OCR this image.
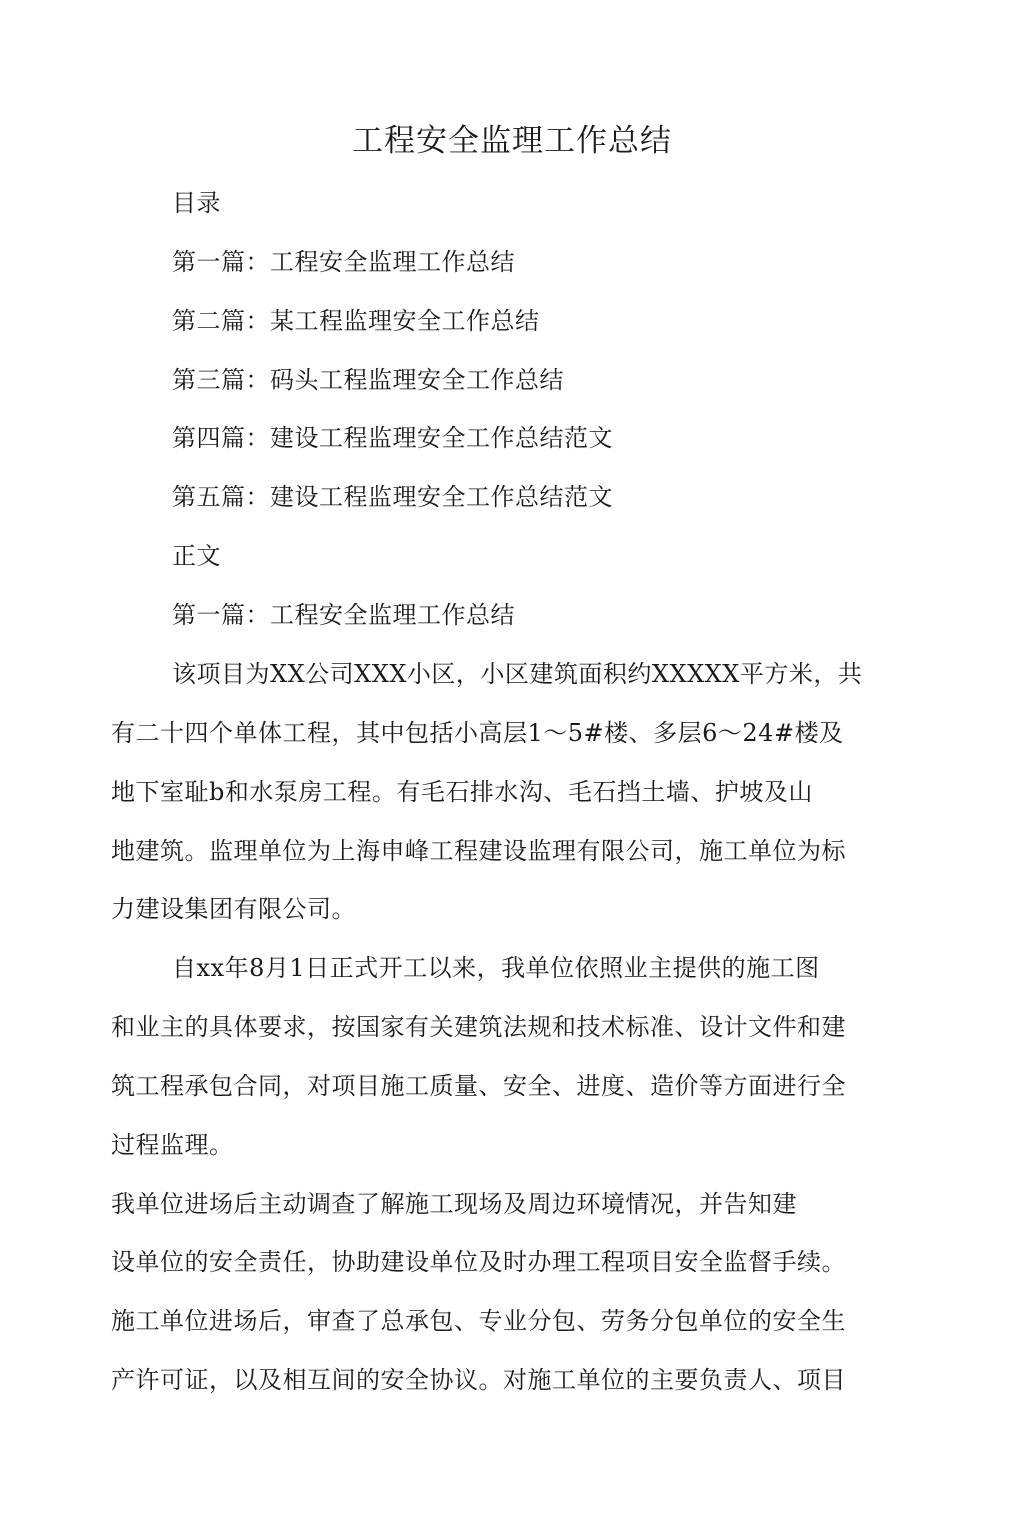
工程安全监理工作总结
目录
第一篇：工程安全监理工作总结
第二篇：某工程监理安全工作总结
第三篇：码头工程监理安全工作总结
第四篇：建设工程监理安全工作总结范文
第五篇：建设工程监理安全工作总结范文
正文
第一篇：工程安全监理工作总结
该项目为XX公司XXX小区，小区建筑面积约XXXXX平方米，共
有二十四个单体工程，其中包括小高层1～5#楼、多层6～24#楼及
地下室耻b和水泵房工程。有毛石排水沟、毛石挡土墙、护坡及山
地建筑。监理单位为上海申峰工程建设监理有限公司，施工单位为标
力建设集团有限公司。
自xx年8月1日正式开工以来，我单位依照业主提供的施工图
和业主的具体要求，按国家有关建筑法规和技术标准、设计文件和建
筑工程承包合同，对项目施工质量、安全、进度、造价等方面进行全
过程监理。
我单位进场后主动调查了解施工现场及周边环境情况，并告知建
设单位的安全责任，协助建设单位及时办理工程项目安全监督手续。
施工单位进场后，审查了总承包、专业分包、劳务分包单位的安全生
产许可证，以及相互间的安全协议。对施工单位的主要负责人、项目
